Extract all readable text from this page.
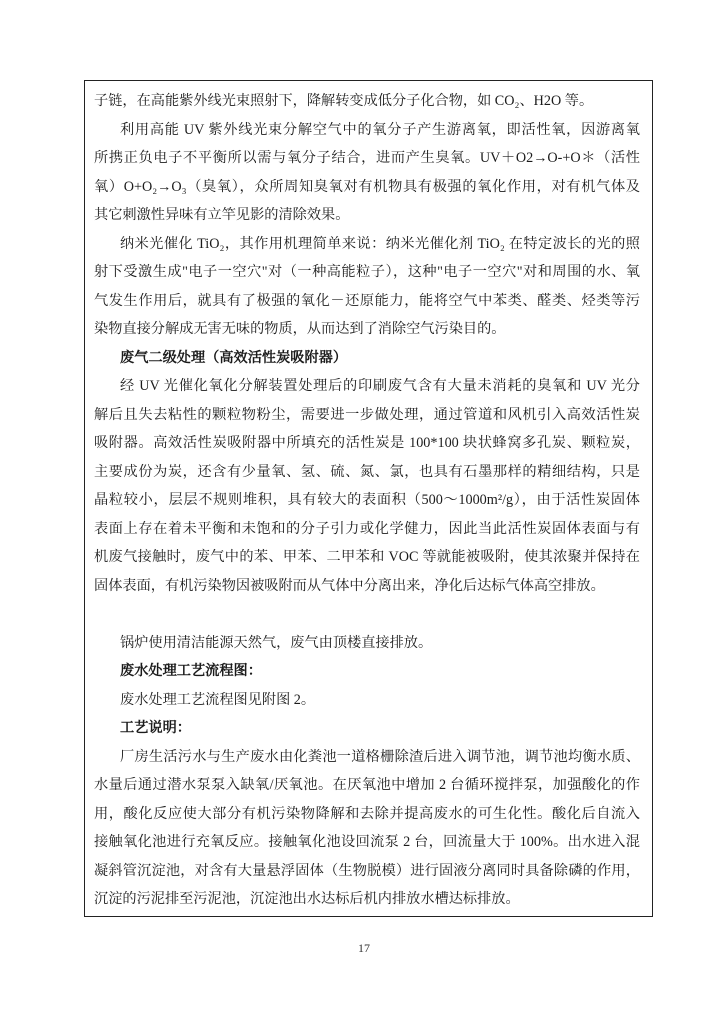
子链，在高能紫外线光束照射下，降解转变成低分子化合物，如 CO₂、H2O 等。
利用高能 UV 紫外线光束分解空气中的氧分子产生游离氧，即活性氧，因游离氧
所携正负电子不平衡所以需与氧分子结合，进而产生臭氧。UV＋O2→O-+O＊（活性
氧）O+O₂→O₃（臭氧），众所周知臭氧对有机物具有极强的氧化作用，对有机气体及
其它刺激性异味有立竿见影的清除效果。
纳米光催化 TiO₂，其作用机理简单来说：纳米光催化剂 TiO₂ 在特定波长的光的照
射下受激生成"电子一空穴"对（一种高能粒子），这种"电子一空穴"对和周围的水、氧
气发生作用后，就具有了极强的氧化－还原能力，能将空气中苯类、醛类、烃类等污
染物直接分解成无害无味的物质，从而达到了消除空气污染目的。
废气二级处理（高效活性炭吸附器）
经 UV 光催化氧化分解装置处理后的印刷废气含有大量未消耗的臭氧和 UV 光分
解后且失去粘性的颗粒物粉尘，需要进一步做处理，通过管道和风机引入高效活性炭
吸附器。高效活性炭吸附器中所填充的活性炭是 100*100 块状蜂窝多孔炭、颗粒炭，
主要成份为炭，还含有少量氧、氢、硫、氮、氯，也具有石墨那样的精细结构，只是
晶粒较小，层层不规则堆积，具有较大的表面积（500～1000m²/g），由于活性炭固体
表面上存在着未平衡和未饱和的分子引力或化学健力，因此当此活性炭固体表面与有
机废气接触时，废气中的苯、甲苯、二甲苯和 VOC 等就能被吸附，使其浓聚并保持在
固体表面，有机污染物因被吸附而从气体中分离出来，净化后达标气体高空排放。
锅炉使用清洁能源天然气，废气由顶楼直接排放。
废水处理工艺流程图：
废水处理工艺流程图见附图 2。
工艺说明：
厂房生活污水与生产废水由化粪池一道格栅除渣后进入调节池，调节池均衡水质、
水量后通过潜水泵泵入缺氧/厌氧池。在厌氧池中增加 2 台循环搅拌泵，加强酸化的作
用，酸化反应使大部分有机污染物降解和去除并提高废水的可生化性。酸化后自流入
接触氧化池进行充氧反应。接触氧化池设回流泵 2 台，回流量大于 100%。出水进入混
凝斜管沉淀池，对含有大量悬浮固体（生物脱模）进行固液分离同时具备除磷的作用，
沉淀的污泥排至污泥池，沉淀池出水达标后机内排放水槽达标排放。
17
